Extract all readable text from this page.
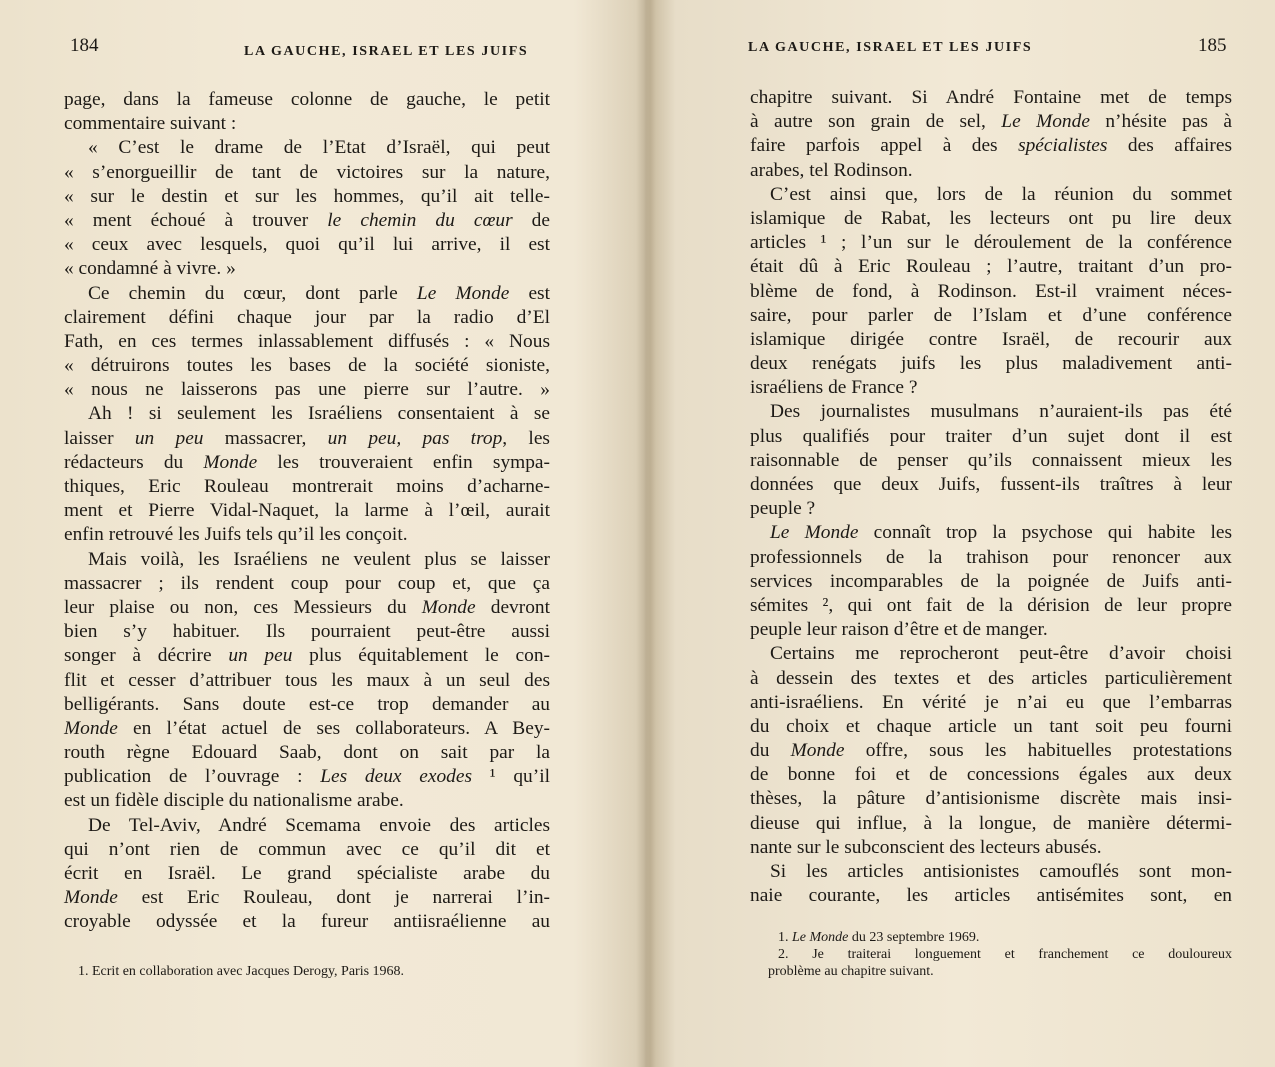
184	LA GAUCHE, ISRAEL ET LES JUIFS
page, dans la fameuse colonne de gauche, le petit
commentaire suivant :
« C’est le drame de l’Etat d’Israël, qui peut
« s’enorgueillir de tant de victoires sur la nature,
« sur le destin et sur les hommes, qu’il ait telle-
« ment échoué à trouver le chemin du cœur de
« ceux avec lesquels, quoi qu’il lui arrive, il est
« condamné à vivre. »
Ce chemin du cœur, dont parle Le Monde est
clairement défini chaque jour par la radio d’El
Fath, en ces termes inlassablement diffusés : « Nous
« détruirons toutes les bases de la société sioniste,
« nous ne laisserons pas une pierre sur l’autre. »
Ah ! si seulement les Israéliens consentaient à se
laisser un peu massacrer, un peu, pas trop, les
rédacteurs du Monde les trouveraient enfin sympa-
thiques, Eric Rouleau montrerait moins d’acharne-
ment et Pierre Vidal-Naquet, la larme à l’œil, aurait
enfin retrouvé les Juifs tels qu’il les conçoit.
Mais voilà, les Israéliens ne veulent plus se laisser
massacrer ; ils rendent coup pour coup et, que ça
leur plaise ou non, ces Messieurs du Monde devront
bien s’y habituer. Ils pourraient peut-être aussi
songer à décrire un peu plus équitablement le con-
flit et cesser d’attribuer tous les maux à un seul des
belligérants. Sans doute est-ce trop demander au
Monde en l’état actuel de ses collaborateurs. A Bey-
routh règne Edouard Saab, dont on sait par la
publication de l’ouvrage : Les deux exodes ¹ qu’il
est un fidèle disciple du nationalisme arabe.
De Tel-Aviv, André Scemama envoie des articles
qui n’ont rien de commun avec ce qu’il dit et
écrit en Israël. Le grand spécialiste arabe du
Monde est Eric Rouleau, dont je narrerai l’in-
croyable odyssée et la fureur antiisraélienne au
1. Ecrit en collaboration avec Jacques Derogy, Paris 1968.
LA GAUCHE, ISRAEL ET LES JUIFS	185
chapitre suivant. Si André Fontaine met de temps
à autre son grain de sel, Le Monde n’hésite pas à
faire parfois appel à des spécialistes des affaires
arabes, tel Rodinson.
C’est ainsi que, lors de la réunion du sommet
islamique de Rabat, les lecteurs ont pu lire deux
articles ¹ ; l’un sur le déroulement de la conférence
était dû à Eric Rouleau ; l’autre, traitant d’un pro-
blème de fond, à Rodinson. Est-il vraiment néces-
saire, pour parler de l’Islam et d’une conférence
islamique dirigée contre Israël, de recourir aux
deux renégats juifs les plus maladivement anti-
israéliens de France ?
Des journalistes musulmans n’auraient-ils pas été
plus qualifiés pour traiter d’un sujet dont il est
raisonnable de penser qu’ils connaissent mieux les
données que deux Juifs, fussent-ils traîtres à leur
peuple ?
Le Monde connaît trop la psychose qui habite les
professionnels de la trahison pour renoncer aux
services incomparables de la poignée de Juifs anti-
sémites ², qui ont fait de la dérision de leur propre
peuple leur raison d’être et de manger.
Certains me reprocheront peut-être d’avoir choisi
à dessein des textes et des articles particulièrement
anti-israéliens. En vérité je n’ai eu que l’embarras
du choix et chaque article un tant soit peu fourni
du Monde offre, sous les habituelles protestations
de bonne foi et de concessions égales aux deux
thèses, la pâture d’antisionisme discrète mais insi-
dieuse qui influe, à la longue, de manière détermi-
nante sur le subconscient des lecteurs abusés.
Si les articles antisionistes camouflés sont mon-
naie courante, les articles antisémites sont, en
1. Le Monde du 23 septembre 1969.
2. Je traiterai longuement et franchement ce douloureux
problème au chapitre suivant.
